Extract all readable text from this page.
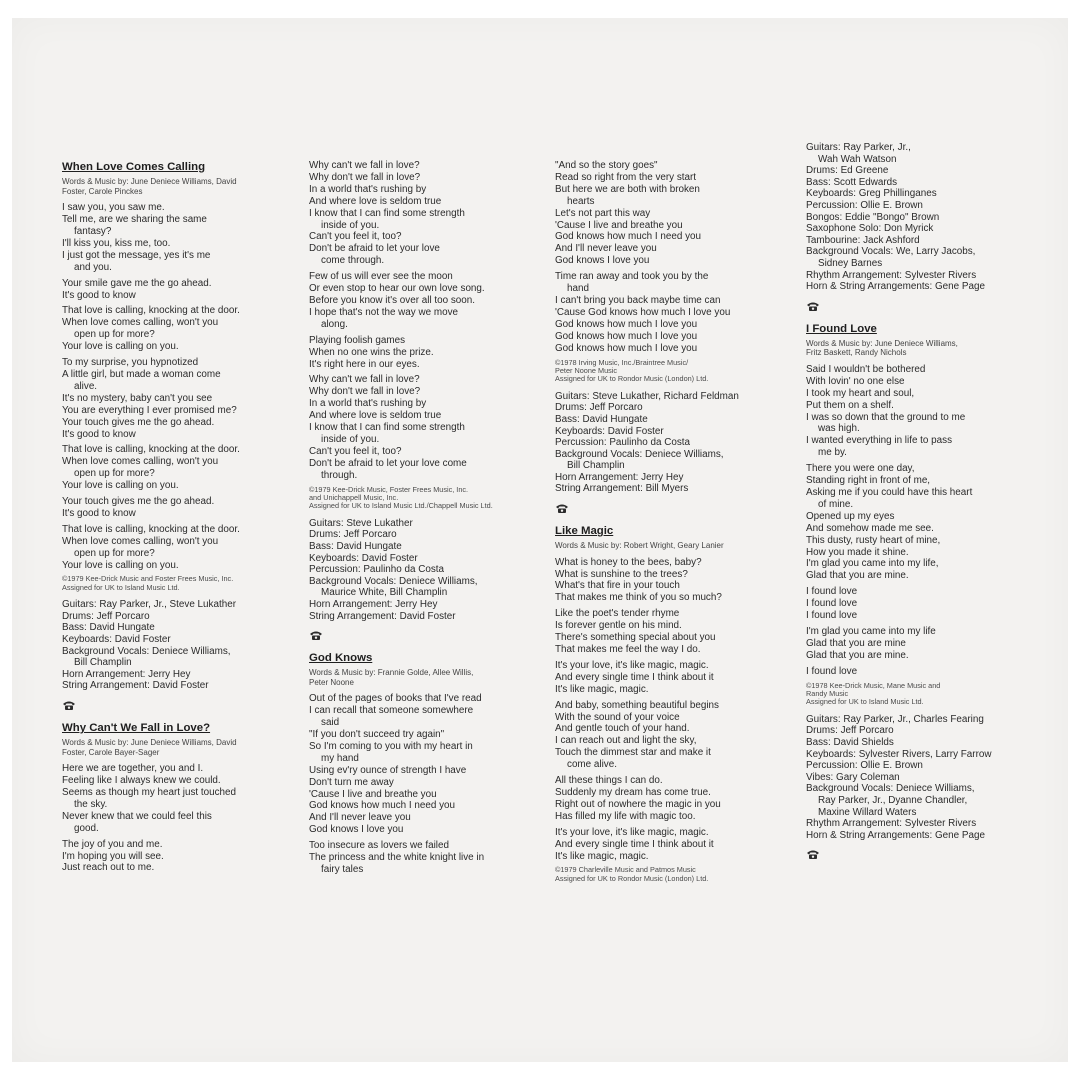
When Love Comes Calling
Words & Music by: June Deniece Williams, David
Foster, Carole Pinckes
I saw you, you saw me.
Tell me, are we sharing the same
fantasy?
I'll kiss you, kiss me, too.
I just got the message, yes it's me
and you.
Your smile gave me the go ahead.
It's good to know
That love is calling, knocking at the door.
When love comes calling, won't you
open up for more?
Your love is calling on you.
To my surprise, you hypnotized
A little girl, but made a woman come
alive.
It's no mystery, baby can't you see
You are everything I ever promised me?
Your touch gives me the go ahead.
It's good to know
That love is calling, knocking at the door.
When love comes calling, won't you
open up for more?
Your love is calling on you.
Your touch gives me the go ahead.
It's good to know
That love is calling, knocking at the door.
When love comes calling, won't you
open up for more?
Your love is calling on you.
©1979 Kee-Drick Music and Foster Frees Music, Inc.
Assigned for UK to Island Music Ltd.
Guitars: Ray Parker, Jr., Steve Lukather
Drums: Jeff Porcaro
Bass: David Hungate
Keyboards: David Foster
Background Vocals: Deniece Williams,
Bill Champlin
Horn Arrangement: Jerry Hey
String Arrangement: David Foster
Why Can't We Fall in Love?
Words & Music by: June Deniece Williams, David
Foster, Carole Bayer-Sager
Here we are together, you and I.
Feeling like I always knew we could.
Seems as though my heart just touched
the sky.
Never knew that we could feel this
good.
The joy of you and me.
I'm hoping you will see.
Just reach out to me.
Why can't we fall in love?
Why don't we fall in love?
In a world that's rushing by
And where love is seldom true
I know that I can find some strength
inside of you.
Can't you feel it, too?
Don't be afraid to let your love
come through.
Few of us will ever see the moon
Or even stop to hear our own love song.
Before you know it's over all too soon.
I hope that's not the way we move
along.
Playing foolish games
When no one wins the prize.
It's right here in our eyes.
Why can't we fall in love?
Why don't we fall in love?
In a world that's rushing by
And where love is seldom true
I know that I can find some strength
inside of you.
Can't you feel it, too?
Don't be afraid to let your love come
through.
©1979 Kee-Drick Music, Foster Frees Music, Inc.
and Unichappell Music, Inc.
Assigned for UK to Island Music Ltd./Chappell Music Ltd.
Guitars: Steve Lukather
Drums: Jeff Porcaro
Bass: David Hungate
Keyboards: David Foster
Percussion: Paulinho da Costa
Background Vocals: Deniece Williams,
Maurice White, Bill Champlin
Horn Arrangement: Jerry Hey
String Arrangement: David Foster
God Knows
Words & Music by: Frannie Golde, Allee Willis,
Peter Noone
Out of the pages of books that I've read
I can recall that someone somewhere
said
"If you don't succeed try again"
So I'm coming to you with my heart in
my hand
Using ev'ry ounce of strength I have
Don't turn me away
'Cause I live and breathe you
God knows how much I need you
And I'll never leave you
God knows I love you
Too insecure as lovers we failed
The princess and the white knight live in
fairy tales
"And so the story goes"
Read so right from the very start
But here we are both with broken
hearts
Let's not part this way
'Cause I live and breathe you
God knows how much I need you
And I'll never leave you
God knows I love you
Time ran away and took you by the
hand
I can't bring you back maybe time can
'Cause God knows how much I love you
God knows how much I love you
God knows how much I love you
God knows how much I love you
©1978 Irving Music, Inc./Braintree Music/
Peter Noone Music
Assigned for UK to Rondor Music (London) Ltd.
Guitars: Steve Lukather, Richard Feldman
Drums: Jeff Porcaro
Bass: David Hungate
Keyboards: David Foster
Percussion: Paulinho da Costa
Background Vocals: Deniece Williams,
Bill Champlin
Horn Arrangement: Jerry Hey
String Arrangement: Bill Myers
Like Magic
Words & Music by: Robert Wright, Geary Lanier
What is honey to the bees, baby?
What is sunshine to the trees?
What's that fire in your touch
That makes me think of you so much?
Like the poet's tender rhyme
Is forever gentle on his mind.
There's something special about you
That makes me feel the way I do.
It's your love, it's like magic, magic.
And every single time I think about it
It's like magic, magic.
And baby, something beautiful begins
With the sound of your voice
And gentle touch of your hand.
I can reach out and light the sky,
Touch the dimmest star and make it
come alive.
All these things I can do.
Suddenly my dream has come true.
Right out of nowhere the magic in you
Has filled my life with magic too.
It's your love, it's like magic, magic.
And every single time I think about it
It's like magic, magic.
©1979 Charleville Music and Patmos Music
Assigned for UK to Rondor Music (London) Ltd.
Guitars: Ray Parker, Jr.,
Wah Wah Watson
Drums: Ed Greene
Bass: Scott Edwards
Keyboards: Greg Phillinganes
Percussion: Ollie E. Brown
Bongos: Eddie "Bongo" Brown
Saxophone Solo: Don Myrick
Tambourine: Jack Ashford
Background Vocals: We, Larry Jacobs,
Sidney Barnes
Rhythm Arrangement: Sylvester Rivers
Horn & String Arrangements: Gene Page
I Found Love
Words & Music by: June Deniece Williams,
Fritz Baskett, Randy Nichols
Said I wouldn't be bothered
With lovin' no one else
I took my heart and soul,
Put them on a shelf.
I was so down that the ground to me
was high.
I wanted everything in life to pass
me by.
There you were one day,
Standing right in front of me,
Asking me if you could have this heart
of mine.
Opened up my eyes
And somehow made me see.
This dusty, rusty heart of mine,
How you made it shine.
I'm glad you came into my life,
Glad that you are mine.
I found love
I found love
I found love
I'm glad you came into my life
Glad that you are mine
Glad that you are mine.
I found love
©1978 Kee-Drick Music, Mane Music and
Randy Music
Assigned for UK to Island Music Ltd.
Guitars: Ray Parker, Jr., Charles Fearing
Drums: Jeff Porcaro
Bass: David Shields
Keyboards: Sylvester Rivers, Larry Farrow
Percussion: Ollie E. Brown
Vibes: Gary Coleman
Background Vocals: Deniece Williams,
Ray Parker, Jr., Dyanne Chandler,
Maxine Willard Waters
Rhythm Arrangement: Sylvester Rivers
Horn & String Arrangements: Gene Page
